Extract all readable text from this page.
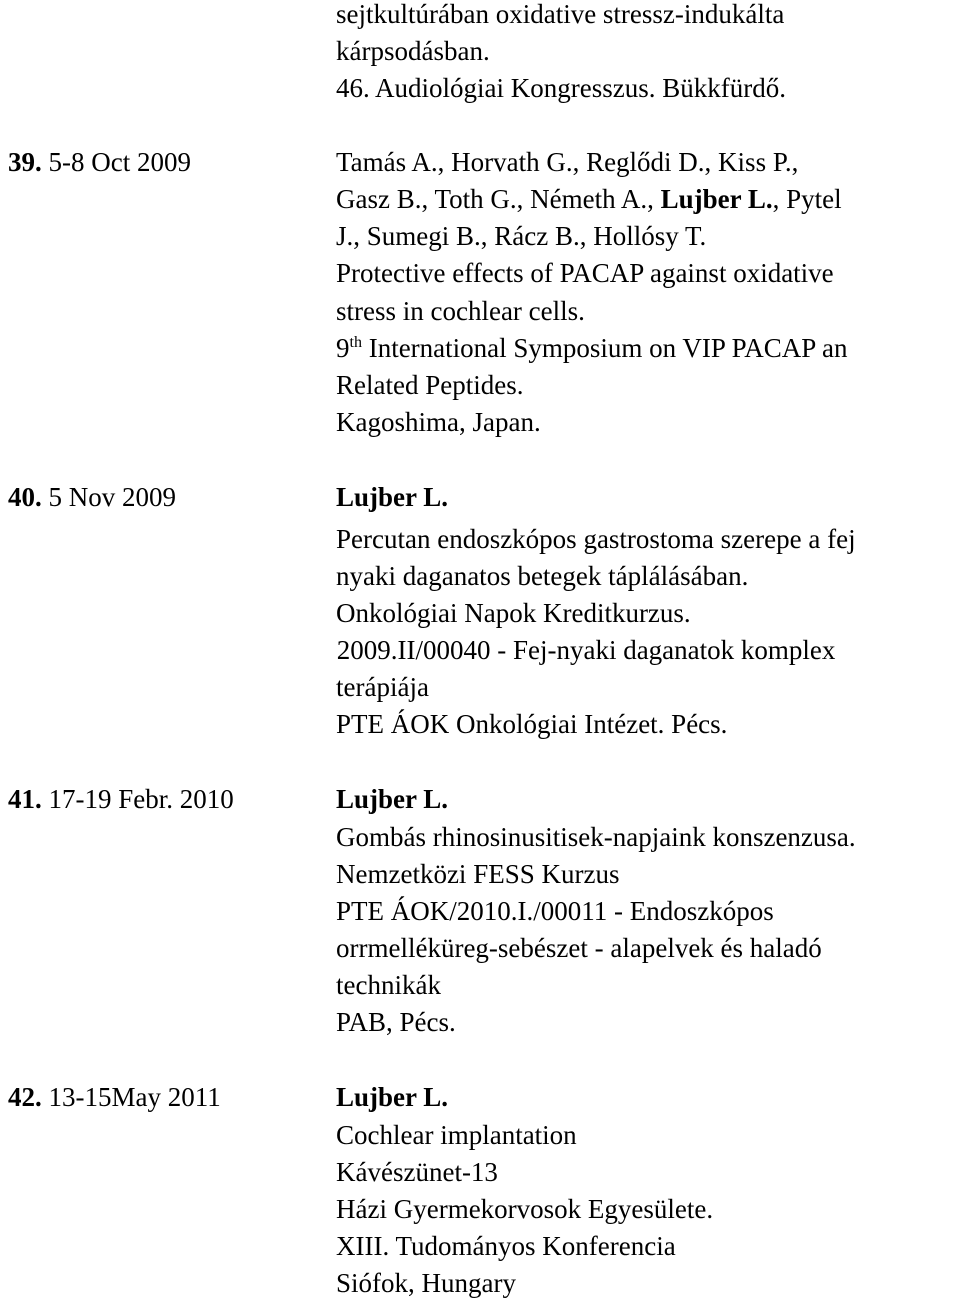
sejtkultúrában oxidative stressz-indukálta
kárpsodásban.
46. Audiológiai Kongresszus. Bükkfürdő.
39. 5-8 Oct 2009	Tamás A., Horvath G., Reglődi D., Kiss P.,
Gasz B., Toth G., Németh A., Lujber L., Pytel
J., Sumegi B., Rácz B., Hollósy T.
Protective effects of PACAP against oxidative
stress in cochlear cells.
9th International Symposium on VIP PACAP an
Related Peptides.
Kagoshima, Japan.
40. 5 Nov 2009	Lujber L.
Percutan endoszkópos gastrostoma szerepe a fej
nyaki daganatos betegek táplálásában.
Onkológiai Napok Kreditkurzus.
2009.II/00040 - Fej-nyaki daganatok komplex
terápiája
PTE ÁOK Onkológiai Intézet. Pécs.
41. 17-19 Febr. 2010	Lujber L.
Gombás rhinosinusitisek-napjaink konszenzusa.
Nemzetközi FESS Kurzus
PTE ÁOK/2010.I./00011 - Endoszkópos
orrmelléküreg-sebészet - alapelvek és haladó
technikák
PAB, Pécs.
42. 13-15May 2011	Lujber L.
Cochlear implantation
Kávészünet-13
Házi Gyermekorvosok Egyesülete.
XIII. Tudományos Konferencia
Siófok, Hungary
